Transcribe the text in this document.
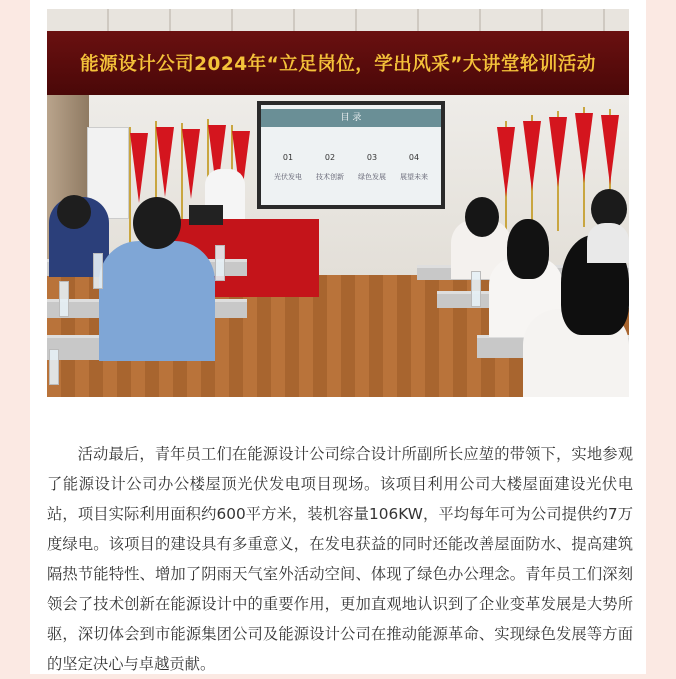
能源设计公司2024年“立足岗位，学出风采”大讲堂轮训活动
目 录
01
光伏发电
02
技术创新
03
绿色发展
04
展望未来

活动最后，青年员工们在能源设计公司综合设计所副所长应堃的带领下，实地参观了能源设计公司办公楼屋顶光伏发电项目现场。该项目利用公司大楼屋面建设光伏电站，项目实际利用面积约600平方米，装机容量106KW，平均每年可为公司提供约7万度绿电。该项目的建设具有多重意义，在发电获益的同时还能改善屋面防水、提高建筑隔热节能特性、增加了阴雨天气室外活动空间、体现了绿色办公理念。青年员工们深刻领会了技术创新在能源设计中的重要作用，更加直观地认识到了企业变革发展是大势所驱，深切体会到市能源集团公司及能源设计公司在推动能源革命、实现绿色发展等方面的坚定决心与卓越贡献。
